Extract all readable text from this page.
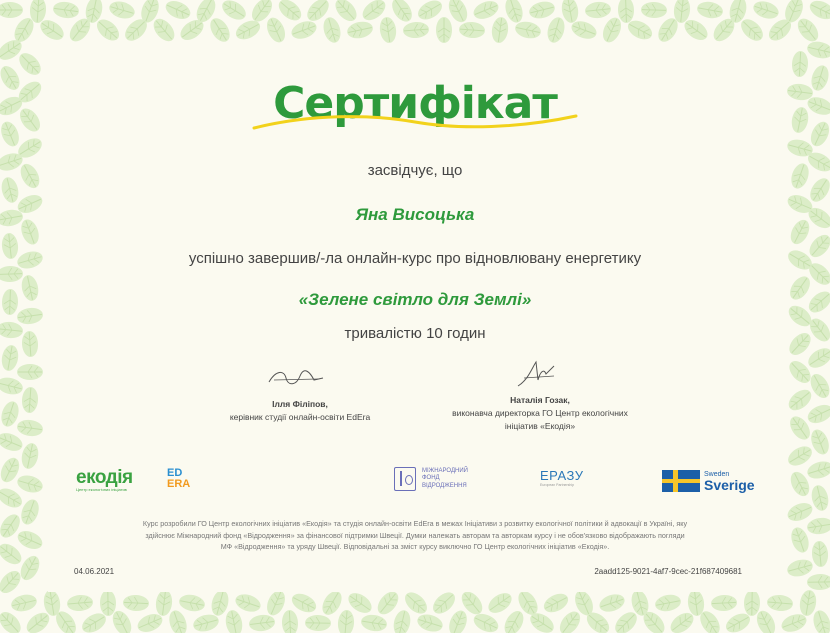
Сертифікат
засвідчує, що
Яна Висоцька
успішно завершив/-ла онлайн-курс про відновлювану енергетику
«Зелене світло для Землі»
тривалістю 10 годин
Ілля Філіпов,
керівник студії онлайн-освіти EdEra
Наталія Гозак,
виконавча директорка ГО Центр екологічних
ініціатив «Екодія»
екодія
Центр екологічних ініціатив
ED
ERA
МІЖНАРОДНИЙ
ФОНД
ВІДРОДЖЕННЯ
ЕРАЗУ
European Partnership
Sweden
Sverige
Курс розробили ГО Центр екологічних ініціатив «Екодія» та студія онлайн-освіти EdEra в межах Ініціативи з розвитку екологічної політики й адвокації в Україні, яку
здійснює Міжнародний фонд «Відродження» за фінансової підтримки Швеції. Думки належать авторам та авторкам курсу і не обов'язково відображають погляди
МФ «Відродження» та уряду Швеції. Відповідальні за зміст курсу виключно ГО Центр екологічних ініціатив «Екодія».
04.06.2021	2aadd125-9021-4af7-9cec-21f687409681
